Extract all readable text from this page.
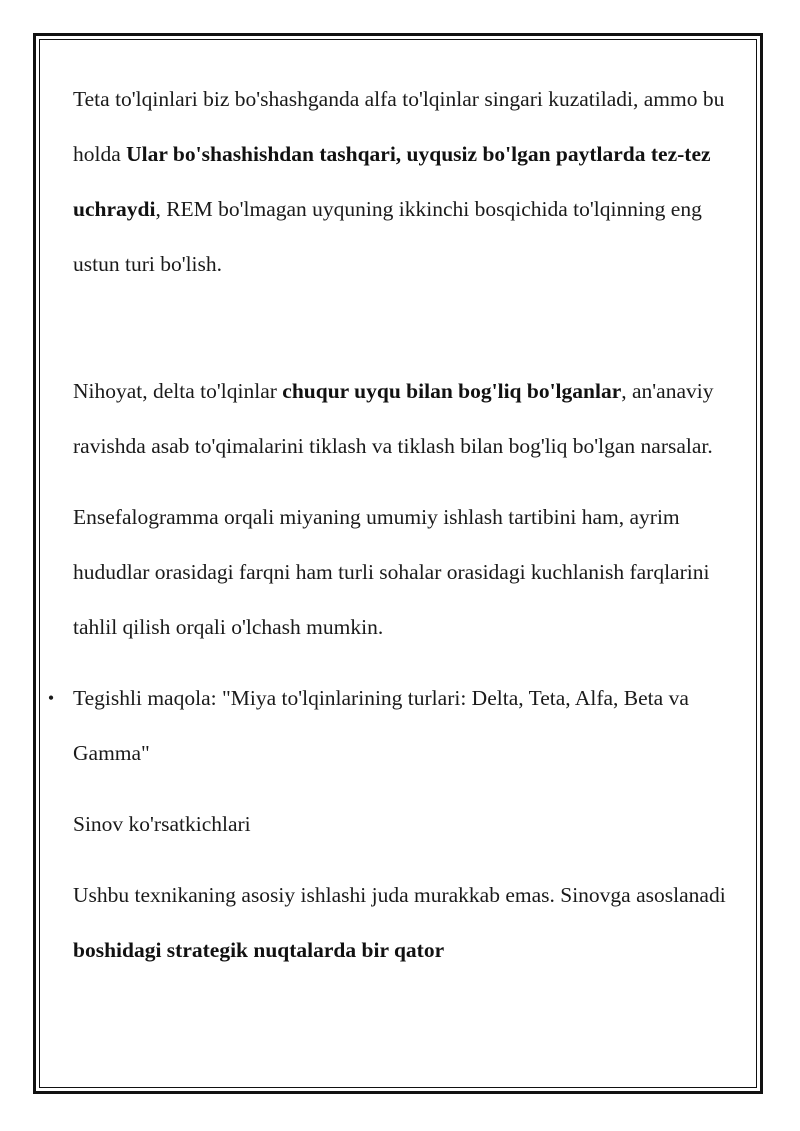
Teta to'lqinlari biz bo'shashganda alfa to'lqinlar singari kuzatiladi, ammo bu holda Ular bo'shashishdan tashqari, uyqusiz bo'lgan paytlarda tez-tez uchraydi, REM bo'lmagan uyquning ikkinchi bosqichida to'lqinning eng ustun turi bo'lish.

Nihoyat, delta to'lqinlar chuqur uyqu bilan bog'liq bo'lganlar, an'anaviy ravishda asab to'qimalarini tiklash va tiklash bilan bog'liq bo'lgan narsalar.

Ensefalogramma orqali miyaning umumiy ishlash tartibini ham, ayrim hududlar orasidagi farqni ham turli sohalar orasidagi kuchlanish farqlarini tahlil qilish orqali o'lchash mumkin.

• Tegishli maqola: "Miya to'lqinlarining turlari: Delta, Teta, Alfa, Beta va Gamma"

Sinov ko'rsatkichlari

Ushbu texnikaning asosiy ishlashi juda murakkab emas. Sinovga asoslanadi boshidagi strategik nuqtalarda bir qator
